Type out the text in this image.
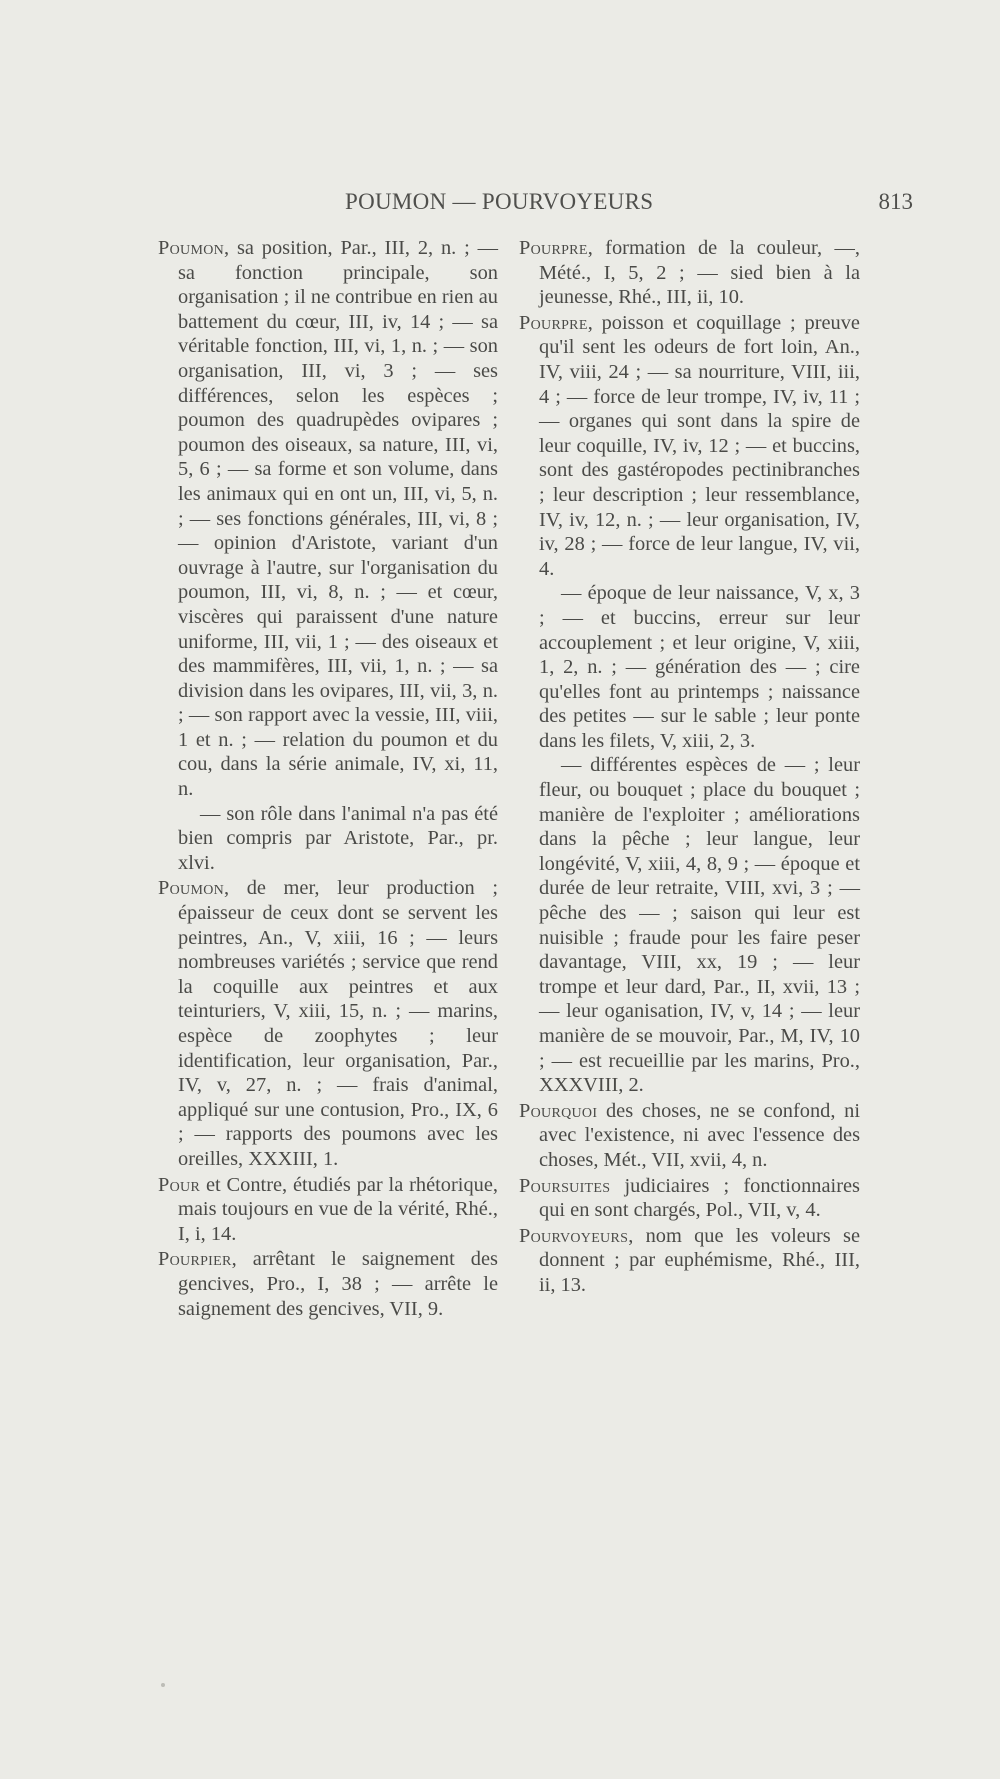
POUMON — POURVOYEURS	813
Poumon, sa position, Par., III, 2, n. ; — sa fonction principale, son organisation ; il ne contribue en rien au battement du cœur, III, iv, 14 ; — sa véritable fonction, III, vi, 1, n. ; — son organisation, III, vi, 3 ; — ses différences, selon les espèces ; poumon des quadrupèdes ovipares ; poumon des oiseaux, sa nature, III, vi, 5, 6 ; — sa forme et son volume, dans les animaux qui en ont un, III, vi, 5, n. ; — ses fonctions générales, III, vi, 8 ; — opinion d'Aristote, variant d'un ouvrage à l'autre, sur l'organisation du poumon, III, vi, 8, n. ; — et cœur, viscères qui paraissent d'une nature uniforme, III, vii, 1 ; — des oiseaux et des mammifères, III, vii, 1, n. ; — sa division dans les ovipares, III, vii, 3, n. ; — son rapport avec la vessie, III, viii, 1 et n. ; — relation du poumon et du cou, dans la série animale, IV, xi, 11, n.

— son rôle dans l'animal n'a pas été bien compris par Aristote, Par., pr. xlvi.

Poumon, de mer, leur production ; épaisseur de ceux dont se servent les peintres, An., V, xiii, 16 ; — leurs nombreuses variétés ; service que rend la coquille aux peintres et aux teinturiers, V, xiii, 15, n. ; — marins, espèce de zoophytes ; leur identification, leur organisation, Par., IV, v, 27, n. ; — frais d'animal, appliqué sur une contusion, Pro., IX, 6 ; — rapports des poumons avec les oreilles, XXXIII, 1.
Pour et Contre, étudiés par la rhétorique, mais toujours en vue de la vérité, Rhé., I, i, 14.
Pourpier, arrêtant le saignement des gencives, Pro., I, 38 ; — arrête le saignement des gencives, VII, 9.
Pourpre, formation de la couleur, —, Mété., I, 5, 2 ; — sied bien à la jeunesse, Rhé., III, ii, 10.
Pourpre, poisson et coquillage ; preuve qu'il sent les odeurs de fort loin, An., IV, viii, 24 ; — sa nourriture, VIII, iii, 4 ; — force de leur trompe, IV, iv, 11 ; — organes qui sont dans la spire de leur coquille, IV, iv, 12 ; — et buccins, sont des gastéropodes pectinibranches ; leur description ; leur ressemblance, IV, iv, 12, n. ; — leur organisation, IV, iv, 28 ; — force de leur langue, IV, vii, 4.

— époque de leur naissance, V, x, 3 ; — et buccins, erreur sur leur accouplement ; et leur origine, V, xiii, 1, 2, n. ; — génération des — ; cire qu'elles font au printemps ; naissance des petites — sur le sable ; leur ponte dans les filets, V, xiii, 2, 3.

— différentes espèces de — ; leur fleur, ou bouquet ; place du bouquet ; manière de l'exploiter ; améliorations dans la pêche ; leur langue, leur longévité, V, xiii, 4, 8, 9 ; — époque et durée de leur retraite, VIII, xvi, 3 ; — pêche des — ; saison qui leur est nuisible ; fraude pour les faire peser davantage, VIII, xx, 19 ; — leur trompe et leur dard, Par., II, xvii, 13 ; — leur oganisation, IV, v, 14 ; — leur manière de se mouvoir, Par., M, IV, 10 ; — est recueillie par les marins, Pro., XXXVIII, 2.

Pourquoi des choses, ne se confond, ni avec l'existence, ni avec l'essence des choses, Mét., VII, xvii, 4, n.
Poursuites judiciaires ; fonctionnaires qui en sont chargés, Pol., VII, v, 4.
Pourvoyeurs, nom que les voleurs se donnent ; par euphémisme, Rhé., III, ii, 13.
